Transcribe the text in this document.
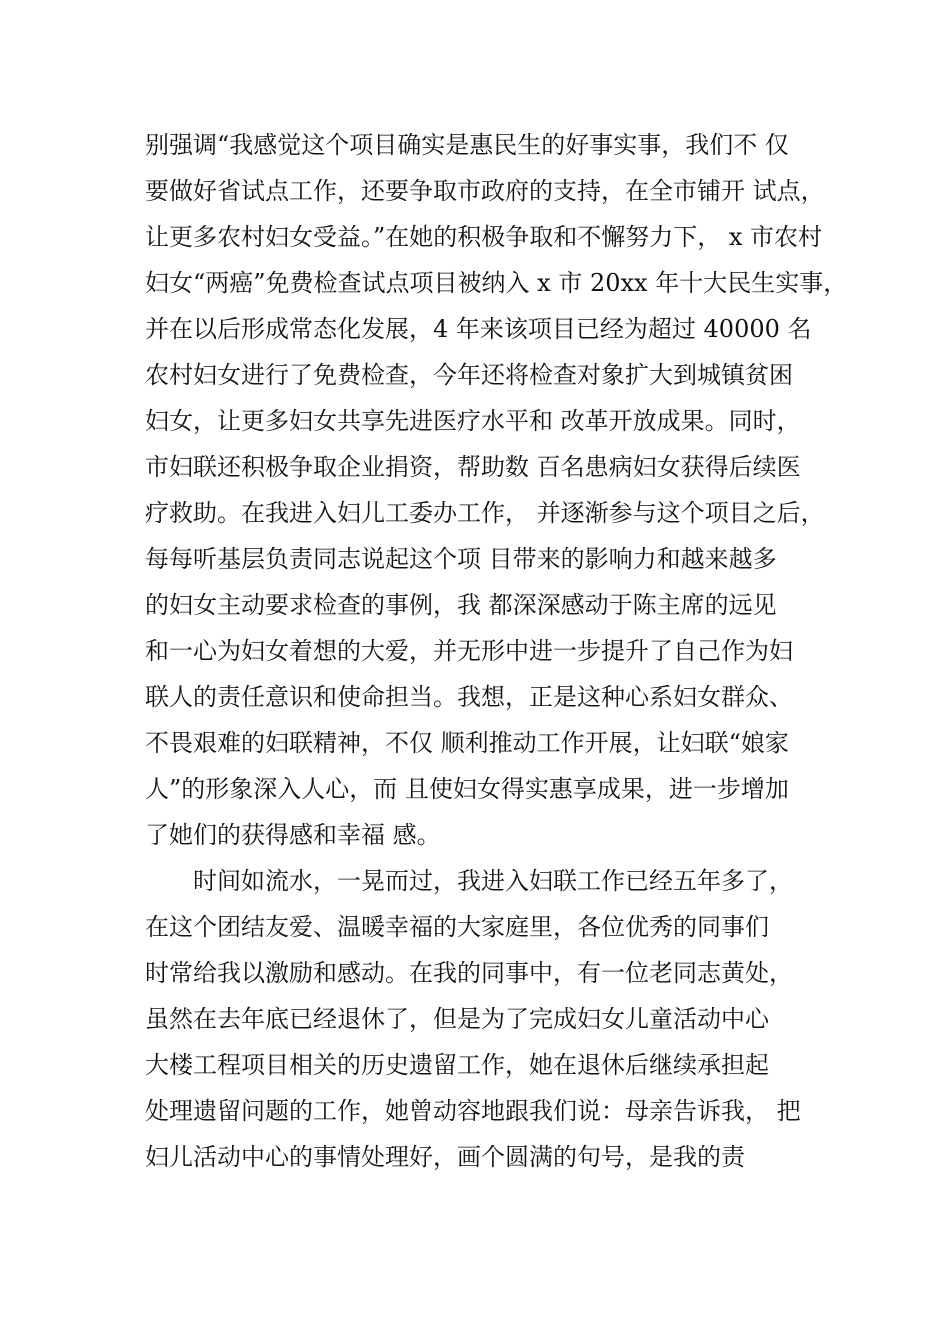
别强调“我感觉这个项目确实是惠民生的好事实事，我们不 仅
要做好省试点工作，还要争取市政府的支持，在全市铺开 试点，
让更多农村妇女受益。”在她的积极争取和不懈努力下， x 市农村
妇女“两癌”免费检查试点项目被纳入 x 市 20xx 年十大民生实事，
并在以后形成常态化发展，4 年来该项目已经为超过 40000 名
农村妇女进行了免费检查，今年还将检查对象扩大到城镇贫困
妇女，让更多妇女共享先进医疗水平和 改革开放成果。同时，
市妇联还积极争取企业捐资，帮助数 百名患病妇女获得后续医
疗救助。在我进入妇儿工委办工作， 并逐渐参与这个项目之后，
每每听基层负责同志说起这个项 目带来的影响力和越来越多
的妇女主动要求检查的事例，我 都深深感动于陈主席的远见
和一心为妇女着想的大爱，并无形中进一步提升了自己作为妇
联人的责任意识和使命担当。我想，正是这种心系妇女群众、
不畏艰难的妇联精神，不仅 顺利推动工作开展，让妇联“娘家
人”的形象深入人心，而 且使妇女得实惠享成果，进一步增加
了她们的获得感和幸福 感。
时间如流水，一晃而过，我进入妇联工作已经五年多了，
在这个团结友爱、温暖幸福的大家庭里，各位优秀的同事们
时常给我以激励和感动。在我的同事中，有一位老同志黄处，
虽然在去年底已经退休了，但是为了完成妇女儿童活动中心
大楼工程项目相关的历史遗留工作，她在退休后继续承担起
处理遗留问题的工作，她曾动容地跟我们说：母亲告诉我， 把
妇儿活动中心的事情处理好，画个圆满的句号，是我的责
